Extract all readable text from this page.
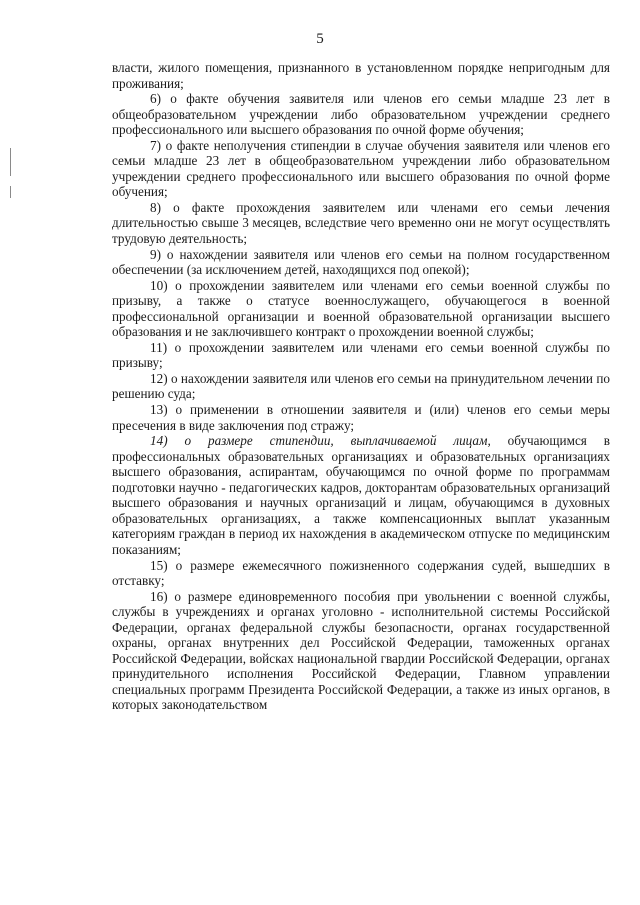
5

власти, жилого помещения, признанного в установленном порядке непригодным для проживания;

6) о факте обучения заявителя или членов его семьи младше 23 лет в общеобразовательном учреждении либо образовательном учреждении среднего профессионального или высшего образования по очной форме обучения;

7) о факте неполучения стипендии в случае обучения заявителя или членов его семьи младше 23 лет в общеобразовательном учреждении либо образовательном учреждении среднего профессионального или высшего образования по очной форме обучения;

8) о факте прохождения заявителем или членами его семьи лечения длительностью свыше 3 месяцев, вследствие чего временно они не могут осуществлять трудовую деятельность;

9) о нахождении заявителя или членов его семьи на полном государственном обеспечении (за исключением детей, находящихся под опекой);

10) о прохождении заявителем или членами его семьи военной службы по призыву, а также о статусе военнослужащего, обучающегося в военной профессиональной организации и военной образовательной организации высшего образования и не заключившего контракт о прохождении военной службы;

11) о прохождении заявителем или членами его семьи военной службы по призыву;

12) о нахождении заявителя или членов его семьи на принудительном лечении по решению суда;

13) о применении в отношении заявителя и (или) членов его семьи меры пресечения в виде заключения под стражу;

14) о размере стипендии, выплачиваемой лицам, обучающимся в профессиональных образовательных организациях и образовательных организациях высшего образования, аспирантам, обучающимся по очной форме по программам подготовки научно - педагогических кадров, докторантам образовательных организаций высшего образования и научных организаций и лицам, обучающимся в духовных образовательных организациях, а также компенсационных выплат указанным категориям граждан в период их нахождения в академическом отпуске по медицинским показаниям;

15) о размере ежемесячного пожизненного содержания судей, вышедших в отставку;

16) о размере единовременного пособия при увольнении с военной службы, службы в учреждениях и органах уголовно - исполнительной системы Российской Федерации, органах федеральной службы безопасности, органах государственной охраны, органах внутренних дел Российской Федерации, таможенных органах Российской Федерации, войсках национальной гвардии Российской Федерации, органах принудительного исполнения Российской Федерации, Главном управлении специальных программ Президента Российской Федерации, а также из иных органов, в которых законодательством
